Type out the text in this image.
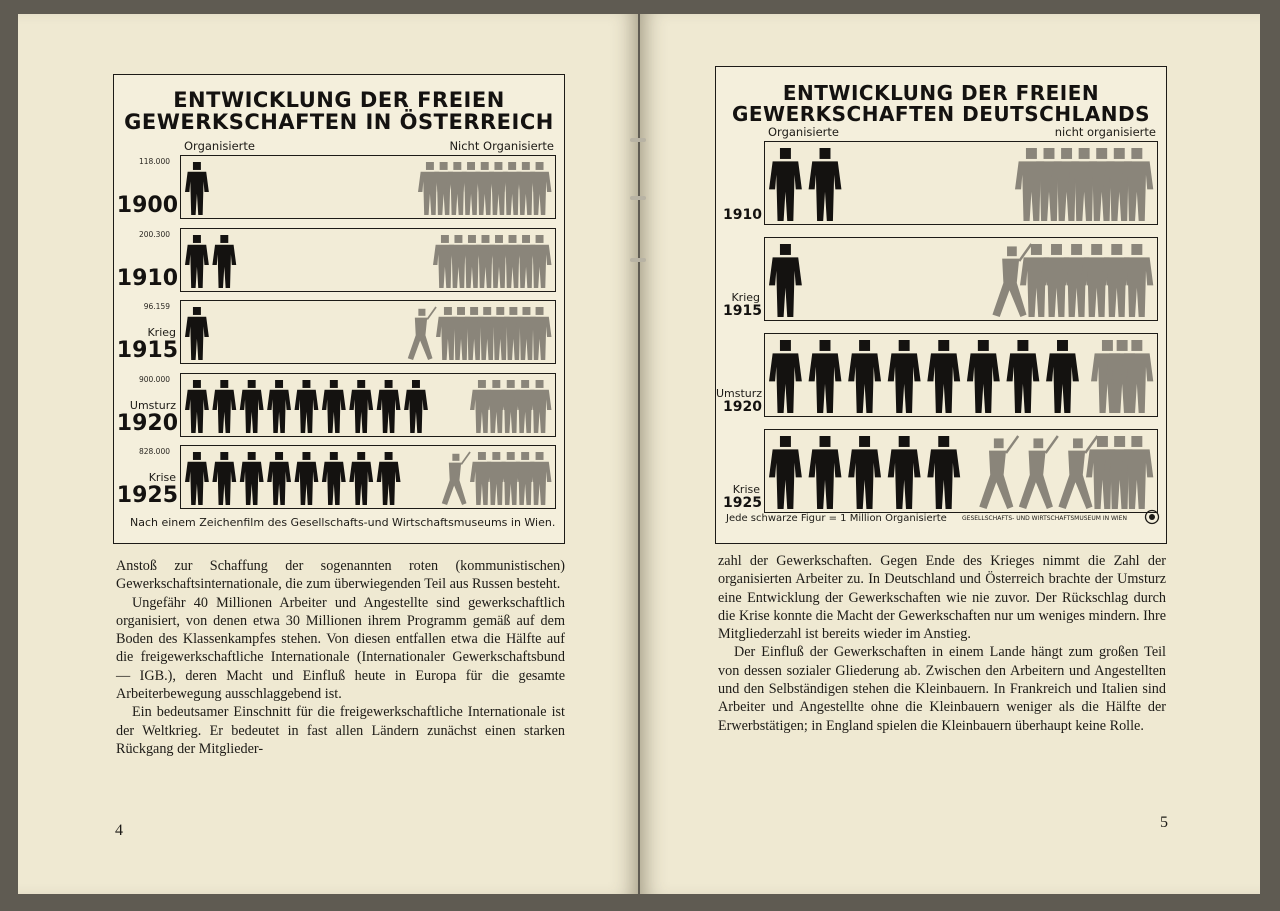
ENTWICKLUNG DER FREIEN
GEWERKSCHAFTEN IN ÖSTERREICH
Organisierte	Nicht Organisierte
118.000
1900
200.300
1910
96.159
Krieg
1915
900.000
Umsturz
1920
828.000
Krise
1925
Nach einem Zeichenfilm des Gesellschafts-und Wirtschaftsmuseums in Wien.

Anstoß zur Schaffung der sogenannten roten (kommunistischen) Gewerkschaftsinternationale, die zum überwiegenden Teil aus Russen besteht.

Ungefähr 40 Millionen Arbeiter und Angestellte sind gewerkschaftlich organisiert, von denen etwa 30 Millionen ihrem Programm gemäß auf dem Boden des Klassenkampfes stehen. Von diesen entfallen etwa die Hälfte auf die freigewerkschaftliche Internationale (Internationaler Gewerkschaftsbund — IGB.), deren Macht und Einfluß heute in Europa für die gesamte Arbeiterbewegung ausschlaggebend ist.

Ein bedeutsamer Einschnitt für die freigewerkschaftliche Internationale ist der Weltkrieg. Er bedeutet in fast allen Ländern zunächst einen starken Rückgang der Mitglieder-

4
ENTWICKLUNG DER FREIEN
GEWERKSCHAFTEN DEUTSCHLANDS
Organisierte	nicht organisierte
1910
Krieg
1915
Umsturz
1920
Krise
1925
Jede schwarze Figur = 1 Million Organisierte	GESELLSCHAFTS- UND WIRTSCHAFTSMUSEUM IN WIEN

zahl der Gewerkschaften. Gegen Ende des Krieges nimmt die Zahl der organisierten Arbeiter zu. In Deutschland und Österreich brachte der Umsturz eine Entwicklung der Gewerkschaften wie nie zuvor. Der Rückschlag durch die Krise konnte die Macht der Gewerkschaften nur um weniges mindern. Ihre Mitgliederzahl ist bereits wieder im Anstieg.

Der Einfluß der Gewerkschaften in einem Lande hängt zum großen Teil von dessen sozialer Gliederung ab. Zwischen den Arbeitern und Angestellten und den Selbständigen stehen die Kleinbauern. In Frankreich und Italien sind Arbeiter und Angestellte ohne die Kleinbauern weniger als die Hälfte der Erwerbstätigen; in England spielen die Kleinbauern überhaupt keine Rolle.

5
